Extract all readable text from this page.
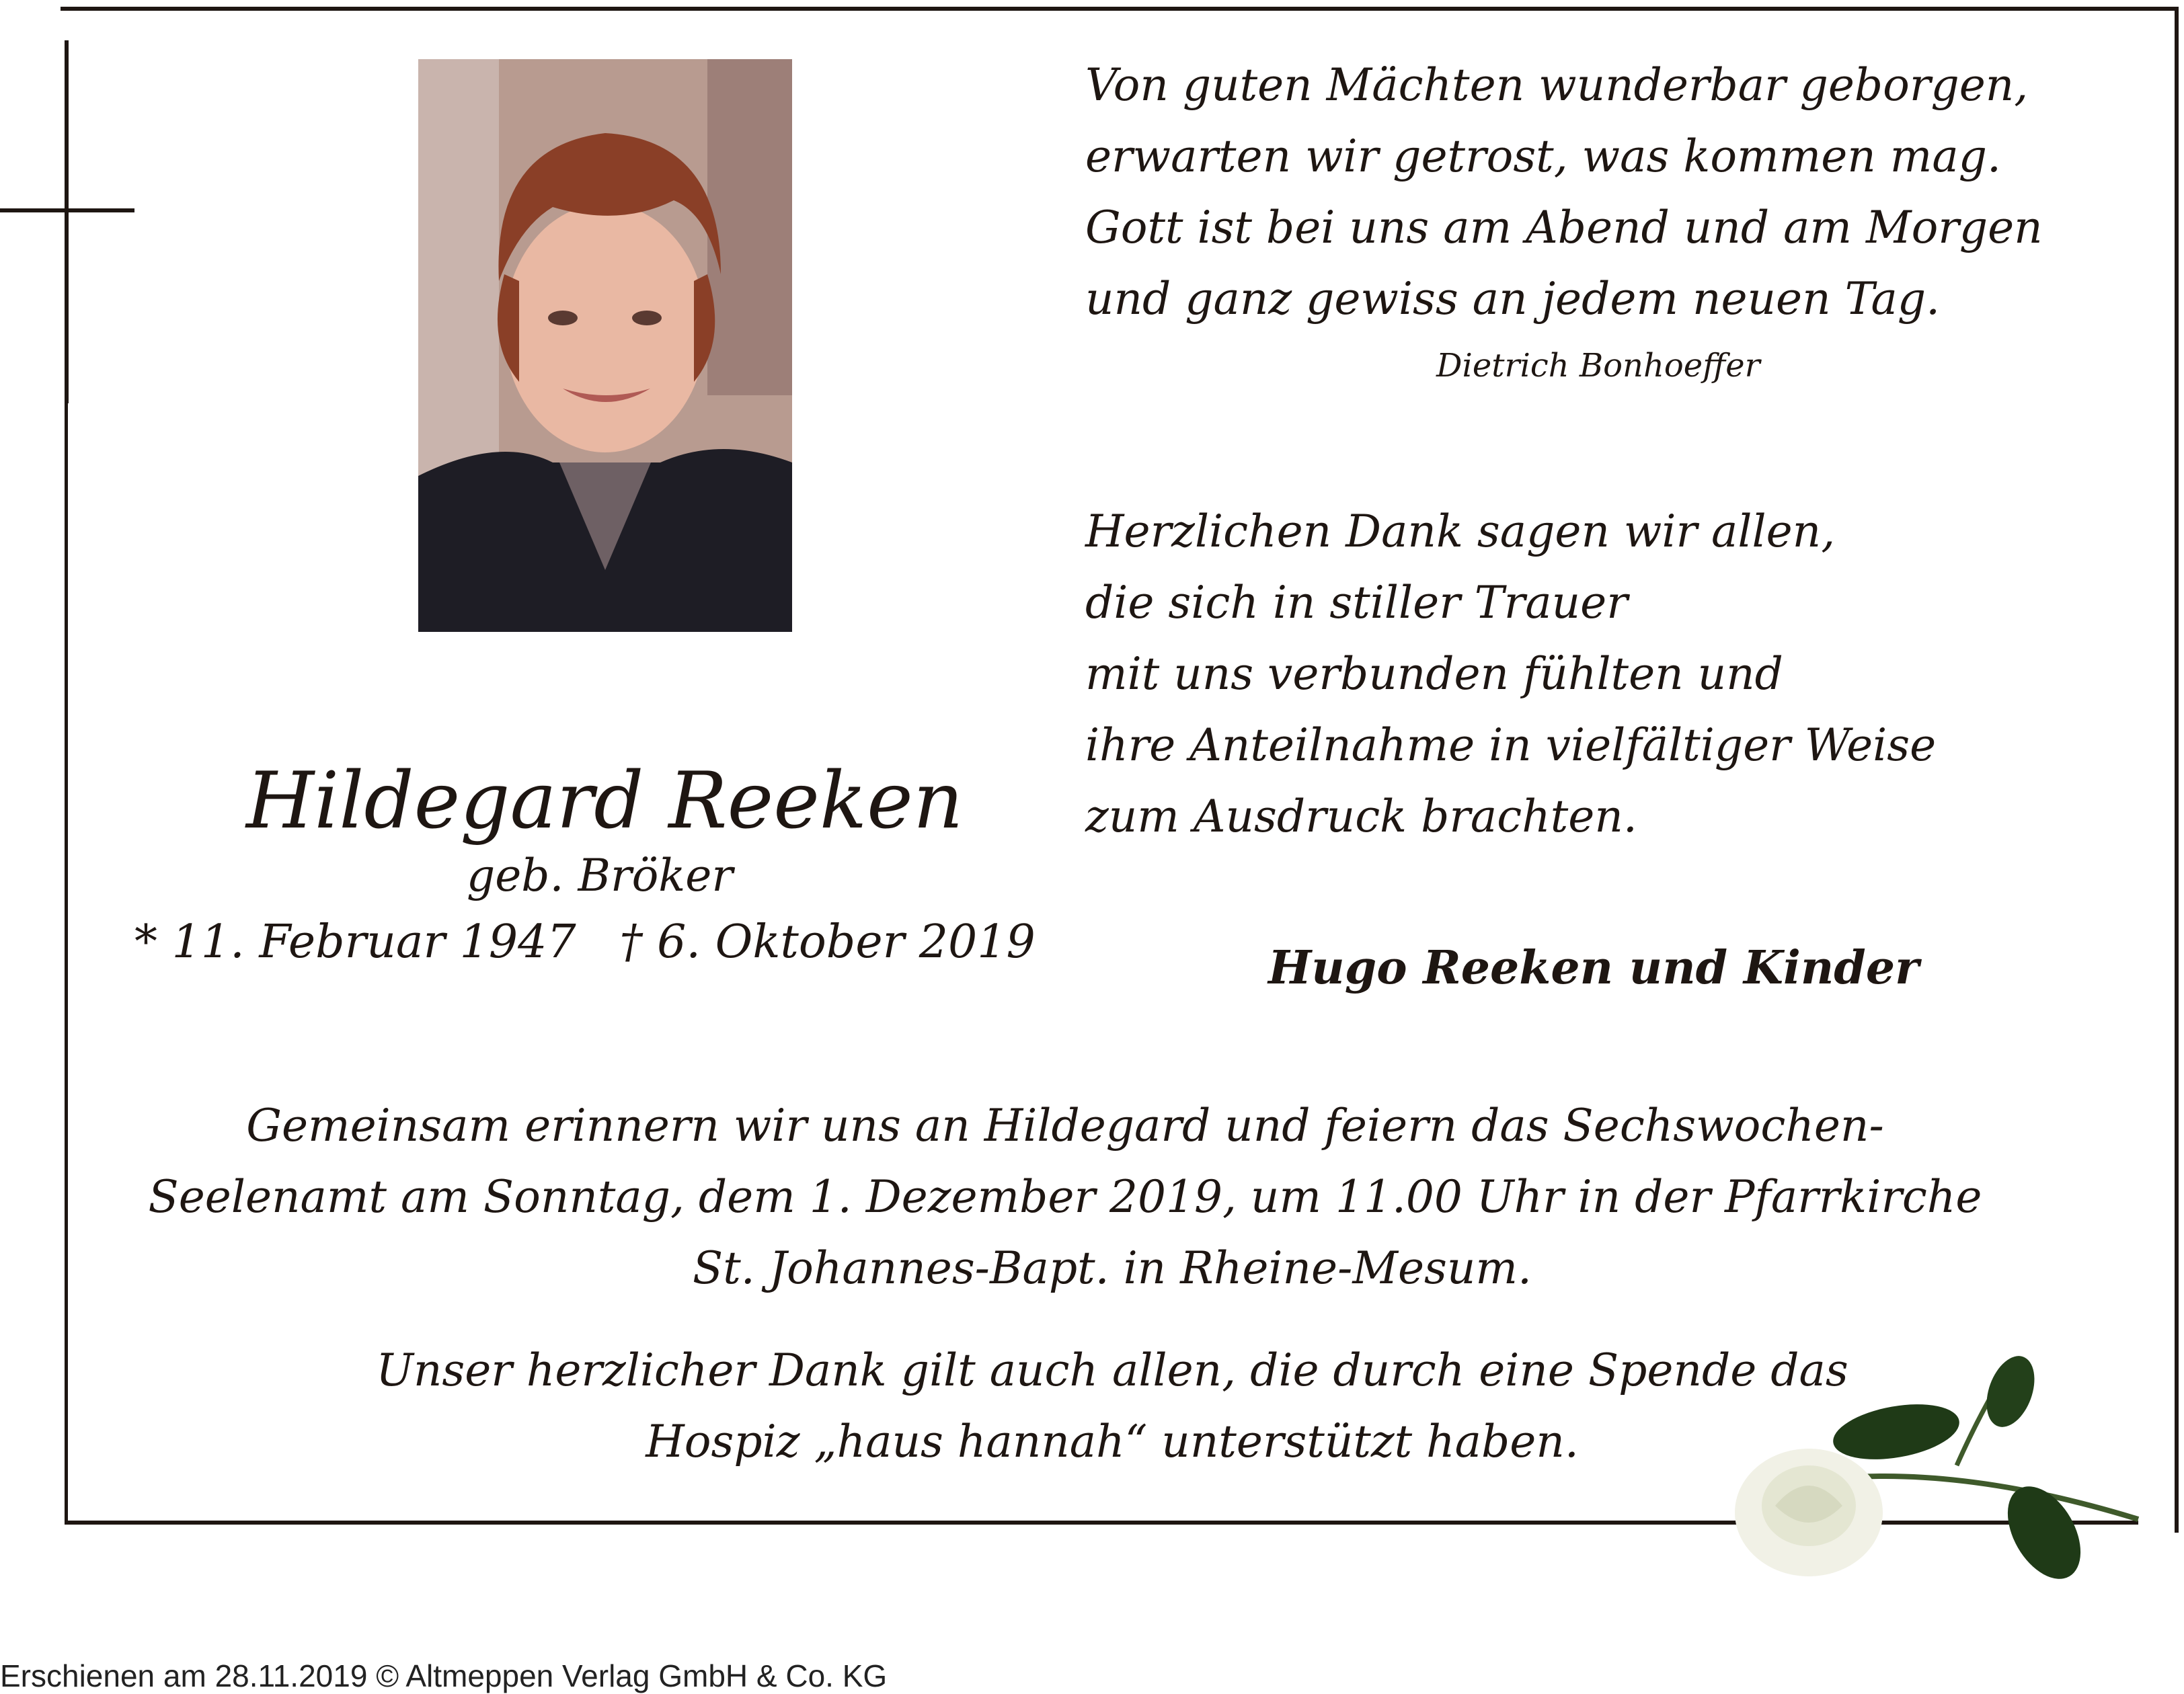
Von guten Mächten wunderbar geborgen,

erwarten wir getrost, was kommen mag.

Gott ist bei uns am Abend und am Morgen

und ganz gewiss an jedem neuen Tag.

Dietrich Bonhoeffer

Herzlichen Dank sagen wir allen,

die sich in stiller Trauer

mit uns verbunden fühlten und

ihre Anteilnahme in vielfältiger Weise

zum Ausdruck brachten.

Hugo Reeken und Kinder

Hildegard Reeken

geb. Bröker

* 11. Februar 1947   † 6. Oktober 2019

Gemeinsam erinnern wir uns an Hildegard und feiern das Sechswochen-

Seelenamt am Sonntag, dem 1. Dezember 2019, um 11.00 Uhr in der Pfarrkirche

St. Johannes-Bapt. in Rheine-Mesum.

Unser herzlicher Dank gilt auch allen, die durch eine Spende das

Hospiz „haus hannah“ unterstützt haben.

Erschienen am 28.11.2019 © Altmeppen Verlag GmbH & Co. KG
